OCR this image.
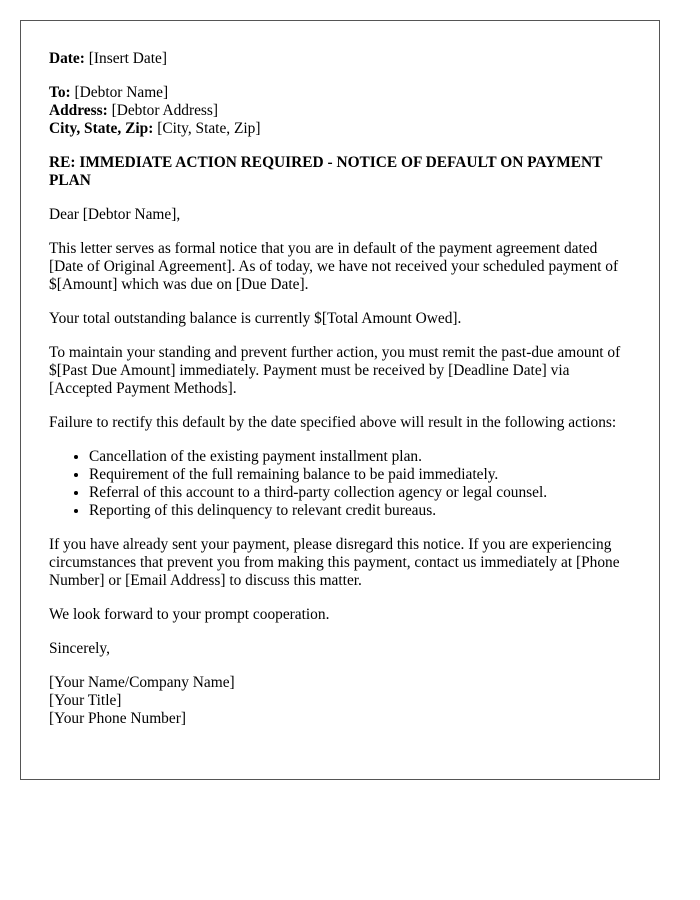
Date: [Insert Date]
To: [Debtor Name]
Address: [Debtor Address]
City, State, Zip: [City, State, Zip]
RE: IMMEDIATE ACTION REQUIRED - NOTICE OF DEFAULT ON PAYMENT PLAN

Dear [Debtor Name],

This letter serves as formal notice that you are in default of the payment agreement dated [Date of Original Agreement]. As of today, we have not received your scheduled payment of $[Amount] which was due on [Due Date].

Your total outstanding balance is currently $[Total Amount Owed].

To maintain your standing and prevent further action, you must remit the past-due amount of $[Past Due Amount] immediately. Payment must be received by [Deadline Date] via [Accepted Payment Methods].

Failure to rectify this default by the date specified above will result in the following actions:

• Cancellation of the existing payment installment plan.
• Requirement of the full remaining balance to be paid immediately.
• Referral of this account to a third-party collection agency or legal counsel.
• Reporting of this delinquency to relevant credit bureaus.

If you have already sent your payment, please disregard this notice. If you are experiencing circumstances that prevent you from making this payment, contact us immediately at [Phone Number] or [Email Address] to discuss this matter.

We look forward to your prompt cooperation.

Sincerely,

[Your Name/Company Name]
[Your Title]
[Your Phone Number]
